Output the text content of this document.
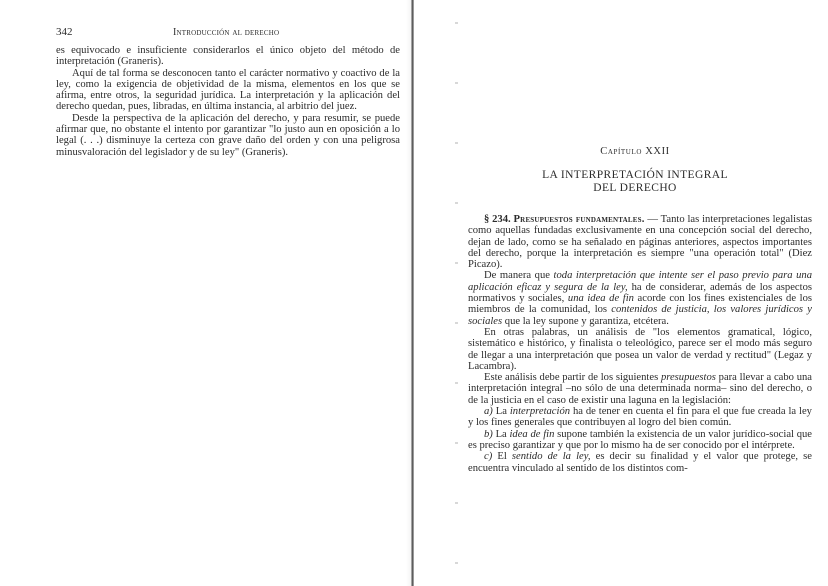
342	Introducción al derecho

es equivocado e insuficiente considerarlos el único objeto del método de interpretación (Graneris).

Aquí de tal forma se desconocen tanto el carácter normativo y coactivo de la ley, como la exigencia de objetividad de la misma, elementos en los que se afirma, entre otros, la seguridad jurídica. La interpretación y la aplicación del derecho quedan, pues, libradas, en última instancia, al arbitrio del juez.

Desde la perspectiva de la aplicación del derecho, y para resumir, se puede afirmar que, no obstante el intento por garantizar "lo justo aun en oposición a lo legal (. . .) disminuye la certeza con grave daño del orden y con una peligrosa minusvaloración del legislador y de su ley" (Graneris).	Capítulo XXII
LA INTERPRETACIÓN INTEGRAL
DEL DERECHO

§ 234. Presupuestos fundamentales. — Tanto las interpretaciones legalistas como aquellas fundadas exclusivamente en una concepción social del derecho, dejan de lado, como se ha señalado en páginas anteriores, aspectos importantes del derecho, porque la interpretación es siempre "una operación total" (Diez Picazo).

De manera que toda interpretación que intente ser el paso previo para una aplicación eficaz y segura de la ley, ha de considerar, además de los aspectos normativos y sociales, una idea de fin acorde con los fines existenciales de los miembros de la comunidad, los contenidos de justicia, los valores jurídicos y sociales que la ley supone y garantiza, etcétera.

En otras palabras, un análisis de "los elementos gramatical, lógico, sistemático e histórico, y finalista o teleológico, parece ser el modo más seguro de llegar a una interpretación que posea un valor de verdad y rectitud" (Legaz y Lacambra).

Este análisis debe partir de los siguientes presupuestos para llevar a cabo una interpretación integral –no sólo de una determinada norma– sino del derecho, o de la justicia en el caso de existir una laguna en la legislación:

a) La interpretación ha de tener en cuenta el fin para el que fue creada la ley y los fines generales que contribuyen al logro del bien común.

b) La idea de fin supone también la existencia de un valor jurídico-social que es preciso garantizar y que por lo mismo ha de ser conocido por el intérprete.

c) El sentido de la ley, es decir su finalidad y el valor que protege, se encuentra vinculado al sentido de los distintos com-
